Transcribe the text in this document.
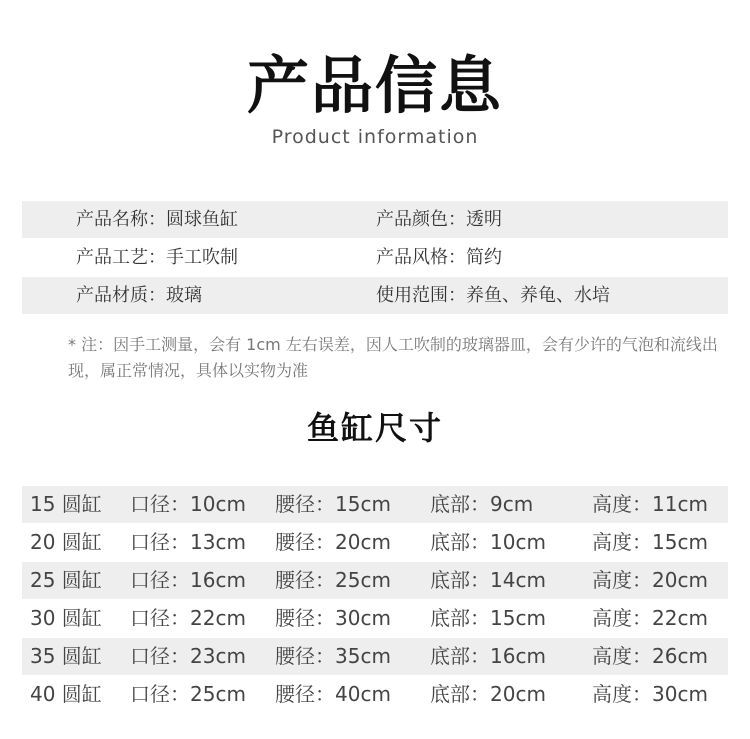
产品信息
Product information
产品名称：圆球鱼缸	产品颜色：透明
产品工艺：手工吹制	产品风格：简约
产品材质：玻璃	使用范围：养鱼、养龟、水培
* 注：因手工测量，会有 1cm 左右误差，因人工吹制的玻璃器皿，会有少许的气泡和流线出现，属正常情况，具体以实物为准
鱼缸尺寸
15 圆缸 口径：10cm 腰径：15cm 底部：9cm	高度：11cm
20 圆缸 口径：13cm 腰径：20cm 底部：10cm 高度：15cm
25 圆缸 口径：16cm 腰径：25cm 底部：14cm 高度：20cm
30 圆缸 口径：22cm 腰径：30cm 底部：15cm 高度：22cm
35 圆缸 口径：23cm 腰径：35cm 底部：16cm 高度：26cm
40 圆缸 口径：25cm 腰径：40cm 底部：20cm 高度：30cm
